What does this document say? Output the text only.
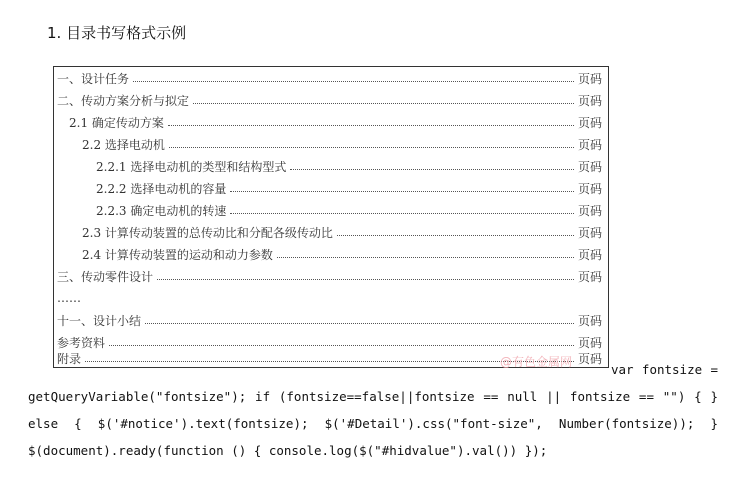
1. 目录书写格式示例
一、设计任务	页码
二、传动方案分析与拟定	页码
2.1 确定传动方案	页码
2.2 选择电动机	页码
2.2.1 选择电动机的类型和结构型式	页码
2.2.2 选择电动机的容量	页码
2.2.3 确定电动机的转速	页码
2.3 计算传动装置的总传动比和分配各级传动比	页码
2.4 计算传动装置的运动和动力参数	页码
三、传动零件设计	页码
……
十一、设计小结	页码
参考资料	页码
附录	页码
@有色金属网	var fontsize = getQueryVariable("fontsize"); if (fontsize==false||fontsize == null || fontsize == "") { } else { $('#notice').text(fontsize); $('#Detail').css("font-size", Number(fontsize)); } $(document).ready(function () { console.log($("#hidvalue").val()) });
